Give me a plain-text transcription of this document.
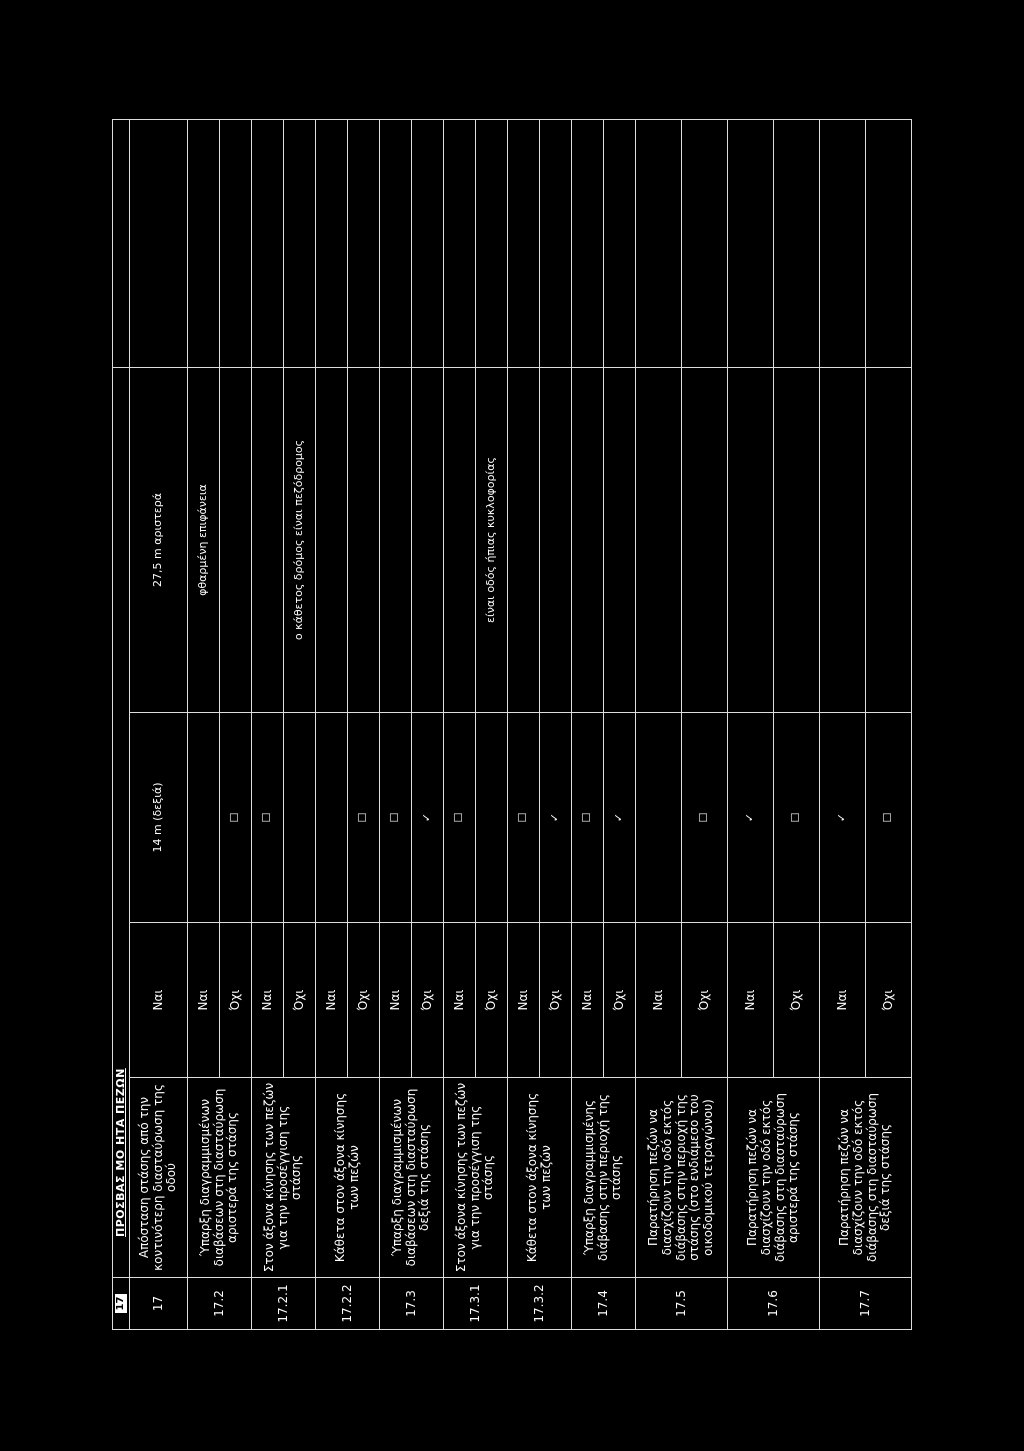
17	ΠΡΟΣΒΑΣ ΜΟ ΗΤΑ ΠΕΖΩΝ				
17	Απόσταση στάσης από την κοντινότερη διασταύρωση της οδού	Ναι	14 m (δεξιά)	27,5 m αριστερά	
17.2	Ύπαρξη διαγραμμισμένων διαβάσεων στη διασταύρωση αριστερά της στάσης	Ναι		φθαρμένη επιφάνεια	
		Όχι	☐		
17.2.1	Στον άξονα κίνησης των πεζών για την προσέγγιση της στάσης	Ναι	☐		
		Όχι		ο κάθετος δρόμος είναι πεζόδρομος	
17.2.2	Κάθετα στον άξονα κίνησης των πεζών	Ναι			
		Όχι	☐		
17.3	Ύπαρξη διαγραμμισμένων διαβάσεων στη διασταύρωση δεξιά της στάσης	Ναι	☐		
		Όχι	✓		
17.3.1	Στον άξονα κίνησης των πεζών για την προσέγγιση της στάσης	Ναι	☐		
		Όχι		είναι οδός ήπιας κυκλοφορίας	
17.3.2	Κάθετα στον άξονα κίνησης των πεζών	Ναι	☐		
		Όχι	✓		
17.4	Ύπαρξη διαγραμμισμένης διάβασης στην περιοχή της στάσης	Ναι	☐		
		Όχι	✓		
17.5	Παρατήρηση πεζών να διασχίζουν την οδό εκτός διάβασης στην περιοχή της στάσης (στο ενδιάμεσο του οικοδομικού τετραγώνου)	Ναι			
		Όχι	☐		
17.6	Παρατήρηση πεζών να διασχίζουν την οδό εκτός διάβασης στη διασταύρωση αριστερά της στάσης	Ναι	✓		
		Όχι	☐		
17.7	Παρατήρηση πεζών να διασχίζουν την οδό εκτός διάβασης στη διασταύρωση δεξιά της στάσης	Ναι	✓		
		Όχι	☐		
